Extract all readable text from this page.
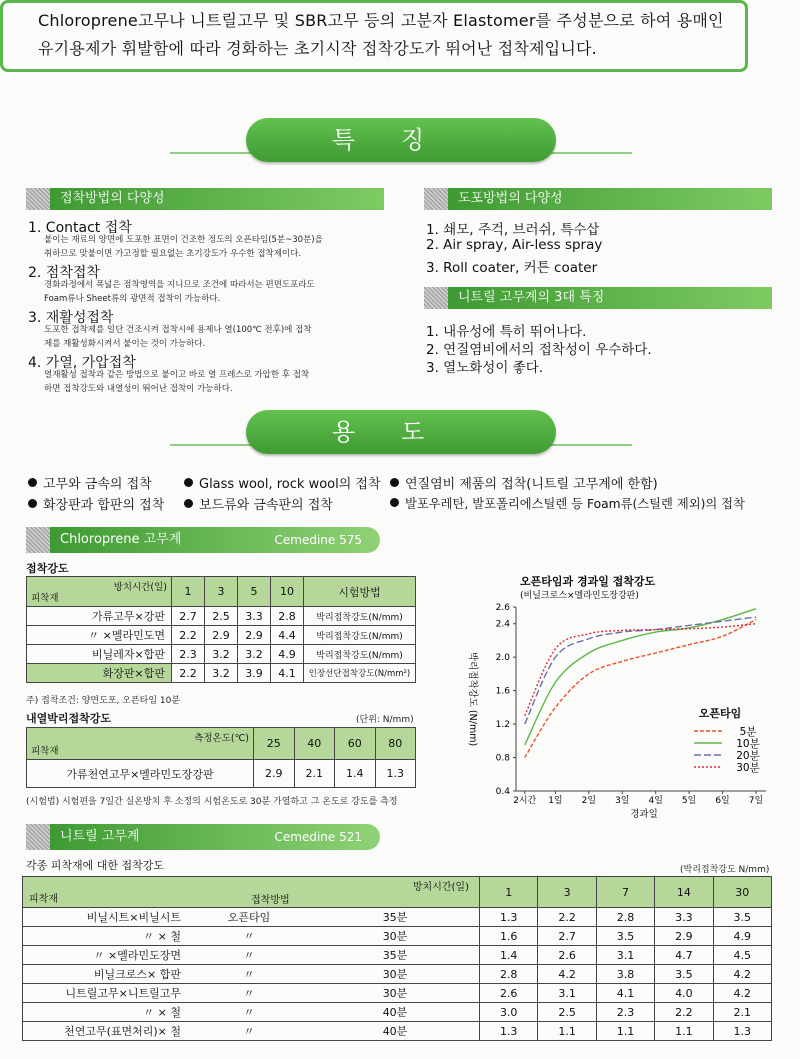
Chloroprene고무나 니트릴고무 및 SBR고무 등의 고분자 Elastomer를 주성분으로 하여 용매인
유기용제가 휘발함에 따라 경화하는 초기시작 접착강도가 뛰어난 접착제입니다.
특징
접착방법의 다양성
1. Contact 접착
붙이는 재료의 양면에 도포한 표면이 건조한 정도의 오픈타임(5분~30분)을
취하므로 맞붙이면 가고정할 필요없는 초기강도가 우수한 접착제이다.
2. 점착접착
경화과정에서 폭넓은 점착영역을 지니므로 조건에 따라서는 편면도포라도
Foam류나 Sheet류의 광면적 접착이 가능하다.
3. 재활성접착
도포한 접착제를 일단 건조시켜 접착시에 용제나 열(100℃ 전후)에 접착
제를 재활성화시켜서 붙이는 것이 가능하다.
4. 가열, 가압접착
열재활성 접착과 같은 방법으로 붙이고 바로 열 프레스로 가압한 후 접착
하면 접착강도와 내열성이 뛰어난 접착이 가능하다.
도포방법의 다양성
1. 쇄모, 주걱, 브러쉬, 특수삽
2. Air spray, Air-less spray
3. Roll coater, 커튼 coater
니트릴 고무계의 3대 특징
1. 내유성에 특히 뛰어나다.
2. 연질염비에서의 접착성이 우수하다.
3. 열노화성이 좋다.
용도
고무와 금속의 접착	Glass wool, rock wool의 접착	연질염비 제품의 접착(니트릴 고무계에 한함)
화장판과 합판의 접착	보드류와 금속판의 접착	발포우레탄, 발포폴리에스틸렌 등 Foam류(스틸렌 제외)의 접착
Chloroprene 고무계	Cemedine 575
접착강도
방치시간(일)
피착재	1	3	5	10	시험방법
가류고무×강판	2.7	2.5	3.3	2.8	박리접착강도(N/mm)
〃 ×멜라민도면	2.2	2.9	2.9	4.4	박리접착강도(N/mm)
비닐레자×합판	2.3	3.2	3.2	4.9	박리접착강도(N/mm)
화장판×합판	2.2	3.2	3.9	4.1	인장선단접착강도(N/mm²)
주) 접착조건: 양면도포, 오픈타임 10분
내열박리접착강도	(단위: N/mm)
측정온도(℃)
피착재	25	40	60	80
가류천연고무×멜라민도장강판	2.9	2.1	1.4	1.3
(시험법) 시험편을 7일간 실온방치 후 소정의 시험온도로 30분 가열하고 그 온도로 강도를 측정
오픈타임과 경과일 접착강도
(비닐크로스×멜라민도장강판)
0.4
0.8
1.2
1.6
2.0
2.4
2.6
2시간 1일 2일 3일 4일 5일 6일 7일
박리접착강도 (N/mm)
경과일
오픈타임
5분
10분
20분
30분
니트릴 고무계	Cemedine 521
각종 피착재에 대한 접착강도	(박리접착강도 N/mm)
방치시간(일)
접착방법
피착재			1	3	7	14	30
비닐시트×비닐시트	오픈타임	35분	1.3	2.2	2.8	3.3	3.5
〃 × 철	〃	30분	1.6	2.7	3.5	2.9	4.9
〃 ×멜라민도장면	〃	35분	1.4	2.6	3.1	4.7	4.5
비닐크로스× 합판	〃	30분	2.8	4.2	3.8	3.5	4.2
니트릴고무×니트릴고무	〃	30분	2.6	3.1	4.1	4.0	4.2
〃 × 철	〃	40분	3.0	2.5	2.3	2.2	2.1
천연고무(표면처리)× 철	〃	40분	1.3	1.1	1.1	1.1	1.3
